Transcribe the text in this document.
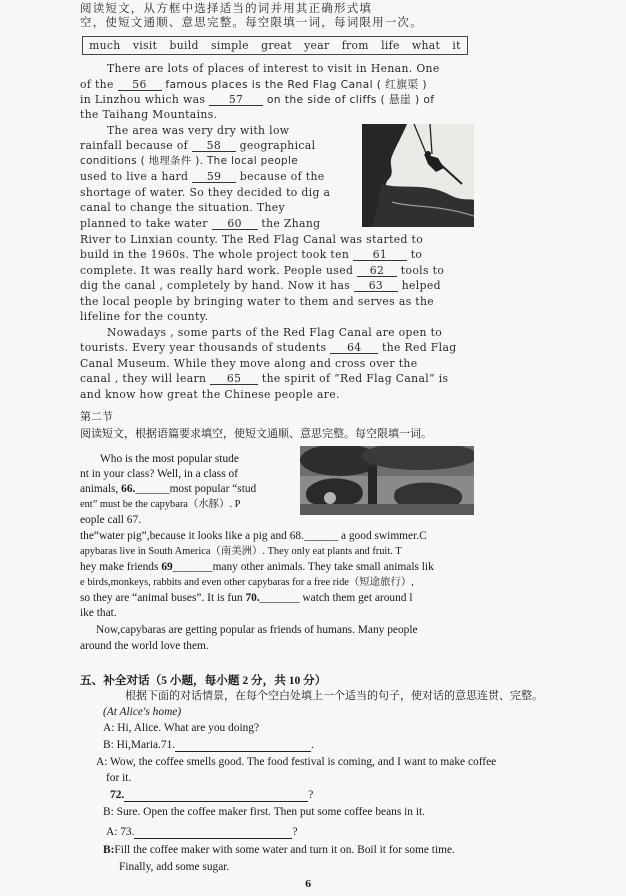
阅读短文，从方框中选择适当的词并用其正确形式填
空，使短文通顺、意思完整。每空限填一词，每词限用一次。
much visit build simple great year from life what it
There are lots of places of interest to visit in Henan. One
of the 56 famous places is the Red Flag Canal ( 红旗渠 )
in Linzhou which was 57 on the side of cliffs ( 悬崖 ) of
the Taihang Mountains.
The area was very dry with low
rainfall because of 58 geographical
conditions ( 地理条件 ). The local people
used to live a hard 59 because of the
shortage of water. So they decided to dig a
canal to change the situation. They
planned to take water 60 the Zhang
River to Linxian county. The Red Flag Canal was started to
build in the 1960s. The whole project took ten 61 to
complete. It was really hard work. People used 62 tools to
dig the canal , completely by hand. Now it has 63 helped
the local people by bringing water to them and serves as the
lifeline for the county.
Nowadays , some parts of the Red Flag Canal are open to
tourists. Every year thousands of students 64 the Red Flag
Canal Museum. While they move along and cross over the
canal , they will learn 65 the spirit of “Red Flag Canal” is
and know how great the Chinese people are.
第二节
阅读短文，根据语篇要求填空，使短文通顺、意思完整。每空限填一词。
Who is the most popular stude
nt in your class? Well, in a class of
animals, 66.______most popular “stud
ent” must be the capybara（水豚）. P
eople call 67.
the“water pig”,because it looks like a pig and 68.______ a good swimmer.C
apybaras live in South America（南美洲）. They only eat plants and fruit. T
hey make friends 69_______many other animals. They take small animals lik
e birds,monkeys, rabbits and even other capybaras for a free ride（短途旅行）,
so they are “animal buses”. It is fun 70._______ watch them get around l
ike that.
Now,capybaras are getting popular as friends of humans. Many people
around the world love them.
五、补全对话（5 小题，每小题 2 分，共 10 分）
根据下面的对话情景，在每个空白处填上一个适当的句子，使对话的意思连贯、完整。
(At Alice's home)
A: Hi, Alice. What are you doing?
B: Hi,Maria.71.	.
A: Wow, the coffee smells good. The food festival is coming, and I want to make coffee
for it.
72.	?
B: Sure. Open the coffee maker first. Then put some coffee beans in it.
A: 73.	?
B:Fill the coffee maker with some water and turn it on. Boil it for some time.
Finally, add some sugar.
6
